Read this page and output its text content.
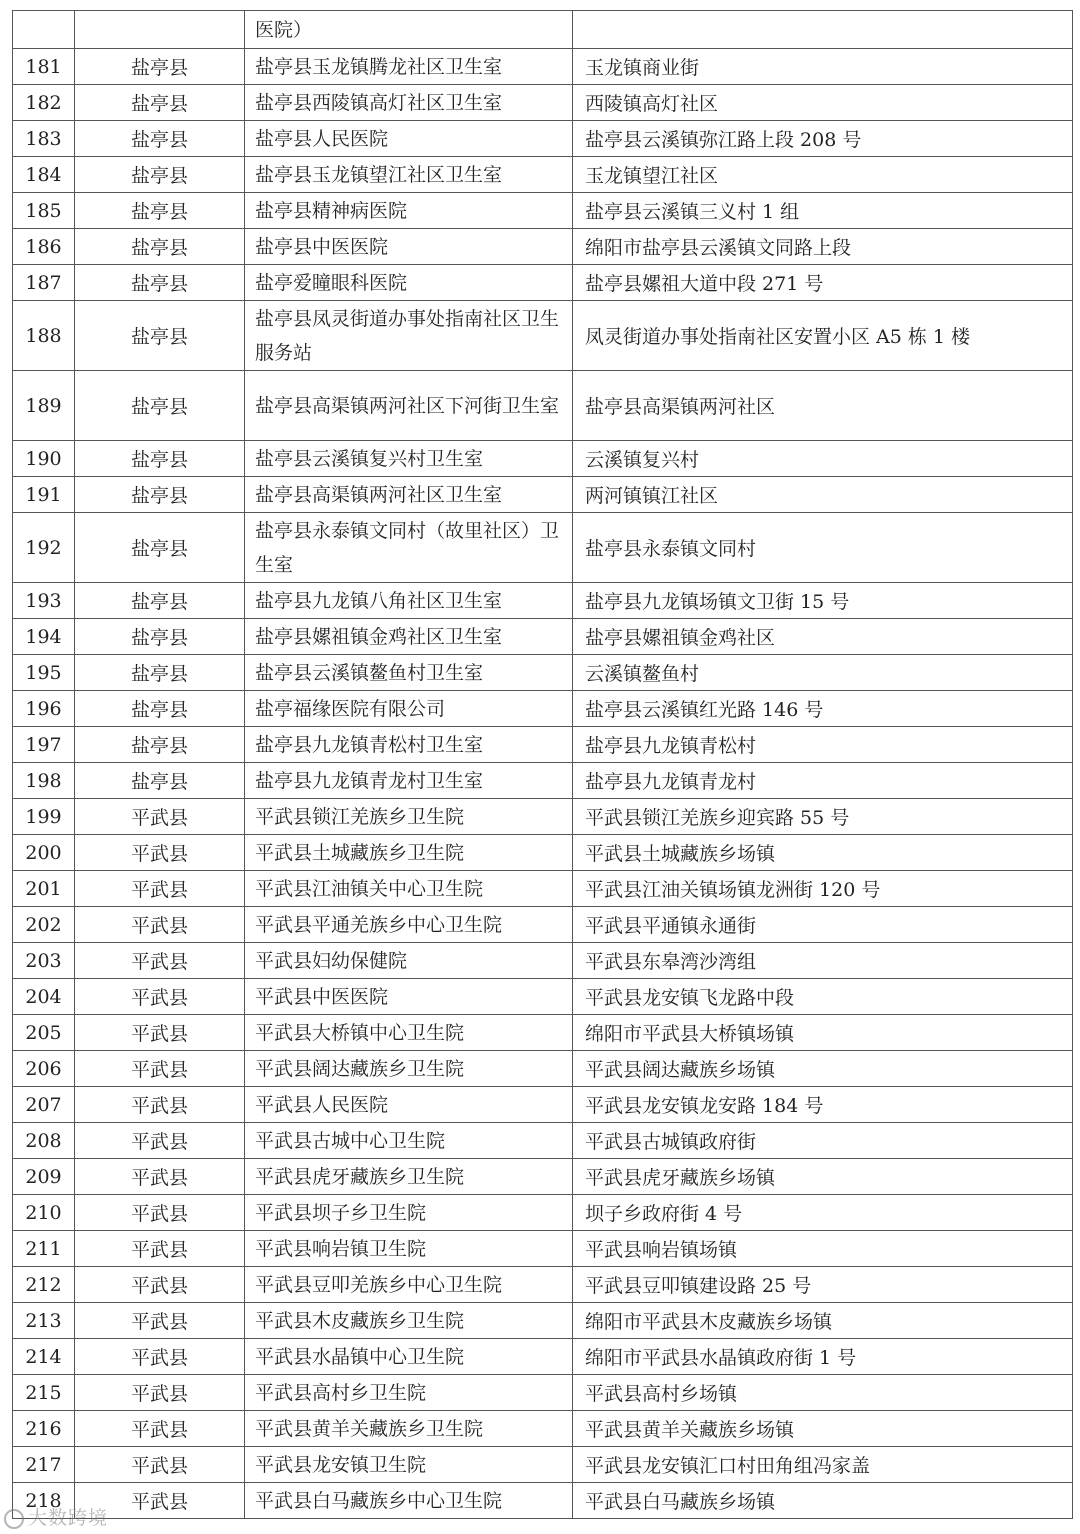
		医院）	
181	盐亭县	盐亭县玉龙镇腾龙社区卫生室	玉龙镇商业街
182	盐亭县	盐亭县西陵镇高灯社区卫生室	西陵镇高灯社区
183	盐亭县	盐亭县人民医院	盐亭县云溪镇弥江路上段 208 号
184	盐亭县	盐亭县玉龙镇望江社区卫生室	玉龙镇望江社区
185	盐亭县	盐亭县精神病医院	盐亭县云溪镇三义村 1 组
186	盐亭县	盐亭县中医医院	绵阳市盐亭县云溪镇文同路上段
187	盐亭县	盐亭爱瞳眼科医院	盐亭县嫘祖大道中段 271 号
188	盐亭县	盐亭县凤灵街道办事处指南社区卫生服务站	凤灵街道办事处指南社区安置小区 A5 栋 1 楼
189	盐亭县	盐亭县高渠镇两河社区下河街卫生室	盐亭县高渠镇两河社区
190	盐亭县	盐亭县云溪镇复兴村卫生室	云溪镇复兴村
191	盐亭县	盐亭县高渠镇两河社区卫生室	两河镇镇江社区
192	盐亭县	盐亭县永泰镇文同村（故里社区）卫生室	盐亭县永泰镇文同村
193	盐亭县	盐亭县九龙镇八角社区卫生室	盐亭县九龙镇场镇文卫街 15 号
194	盐亭县	盐亭县嫘祖镇金鸡社区卫生室	盐亭县嫘祖镇金鸡社区
195	盐亭县	盐亭县云溪镇鳌鱼村卫生室	云溪镇鳌鱼村
196	盐亭县	盐亭福缘医院有限公司	盐亭县云溪镇红光路 146 号
197	盐亭县	盐亭县九龙镇青松村卫生室	盐亭县九龙镇青松村
198	盐亭县	盐亭县九龙镇青龙村卫生室	盐亭县九龙镇青龙村
199	平武县	平武县锁江羌族乡卫生院	平武县锁江羌族乡迎宾路 55 号
200	平武县	平武县土城藏族乡卫生院	平武县土城藏族乡场镇
201	平武县	平武县江油镇关中心卫生院	平武县江油关镇场镇龙洲街 120 号
202	平武县	平武县平通羌族乡中心卫生院	平武县平通镇永通街
203	平武县	平武县妇幼保健院	平武县东皋湾沙湾组
204	平武县	平武县中医医院	平武县龙安镇飞龙路中段
205	平武县	平武县大桥镇中心卫生院	绵阳市平武县大桥镇场镇
206	平武县	平武县阔达藏族乡卫生院	平武县阔达藏族乡场镇
207	平武县	平武县人民医院	平武县龙安镇龙安路 184 号
208	平武县	平武县古城中心卫生院	平武县古城镇政府街
209	平武县	平武县虎牙藏族乡卫生院	平武县虎牙藏族乡场镇
210	平武县	平武县坝子乡卫生院	坝子乡政府街 4 号
211	平武县	平武县响岩镇卫生院	平武县响岩镇场镇
212	平武县	平武县豆叩羌族乡中心卫生院	平武县豆叩镇建设路 25 号
213	平武县	平武县木皮藏族乡卫生院	绵阳市平武县木皮藏族乡场镇
214	平武县	平武县水晶镇中心卫生院	绵阳市平武县水晶镇政府街 1 号
215	平武县	平武县高村乡卫生院	平武县高村乡场镇
216	平武县	平武县黄羊关藏族乡卫生院	平武县黄羊关藏族乡场镇
217	平武县	平武县龙安镇卫生院	平武县龙安镇汇口村田角组冯家盖
218	平武县	平武县白马藏族乡中心卫生院	平武县白马藏族乡场镇
大数跨境
